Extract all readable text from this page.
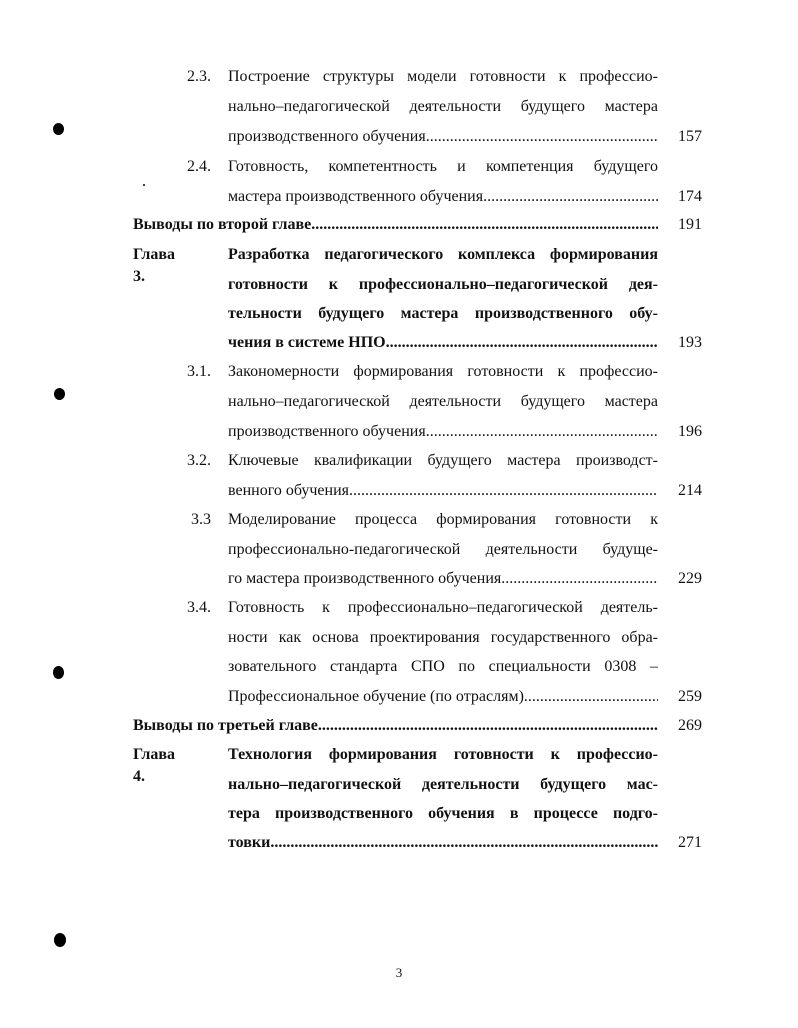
2.3. Построение структуры модели готовности к профессио-
нально–педагогической деятельности будущего мастера
производственного обучения .....	157
2.4. Готовность, компетентность и компетенция будущего
мастера производственного обучения .....	174
Выводы по второй главе .....	191
Глава 3.
Разработка педагогического комплекса формирования
готовности к профессионально–педагогической дея-
тельности будущего мастера производственного обу-
чения в системе НПО .....	193
3.1. Закономерности формирования готовности к профессио-
нально–педагогической деятельности будущего мастера
производственного обучения .....	196
3.2. Ключевые квалификации будущего мастера производст-
венного обучения .....	214
3.3 Моделирование процесса формирования готовности к
профессионально-педагогической деятельности будуще-
го мастера производственного обучения .....	229
3.4. Готовность к профессионально–педагогической деятель-
ности как основа проектирования государственного обра-
зовательного стандарта СПО по специальности 0308 –
Профессиональное обучение (по отраслям) .....	259
Выводы по третьей главе .....	269
Глава 4.
Технология формирования готовности к профессио-
нально–педагогической деятельности будущего мас-
тера производственного обучения в процессе подго-
товки .....	271
3
